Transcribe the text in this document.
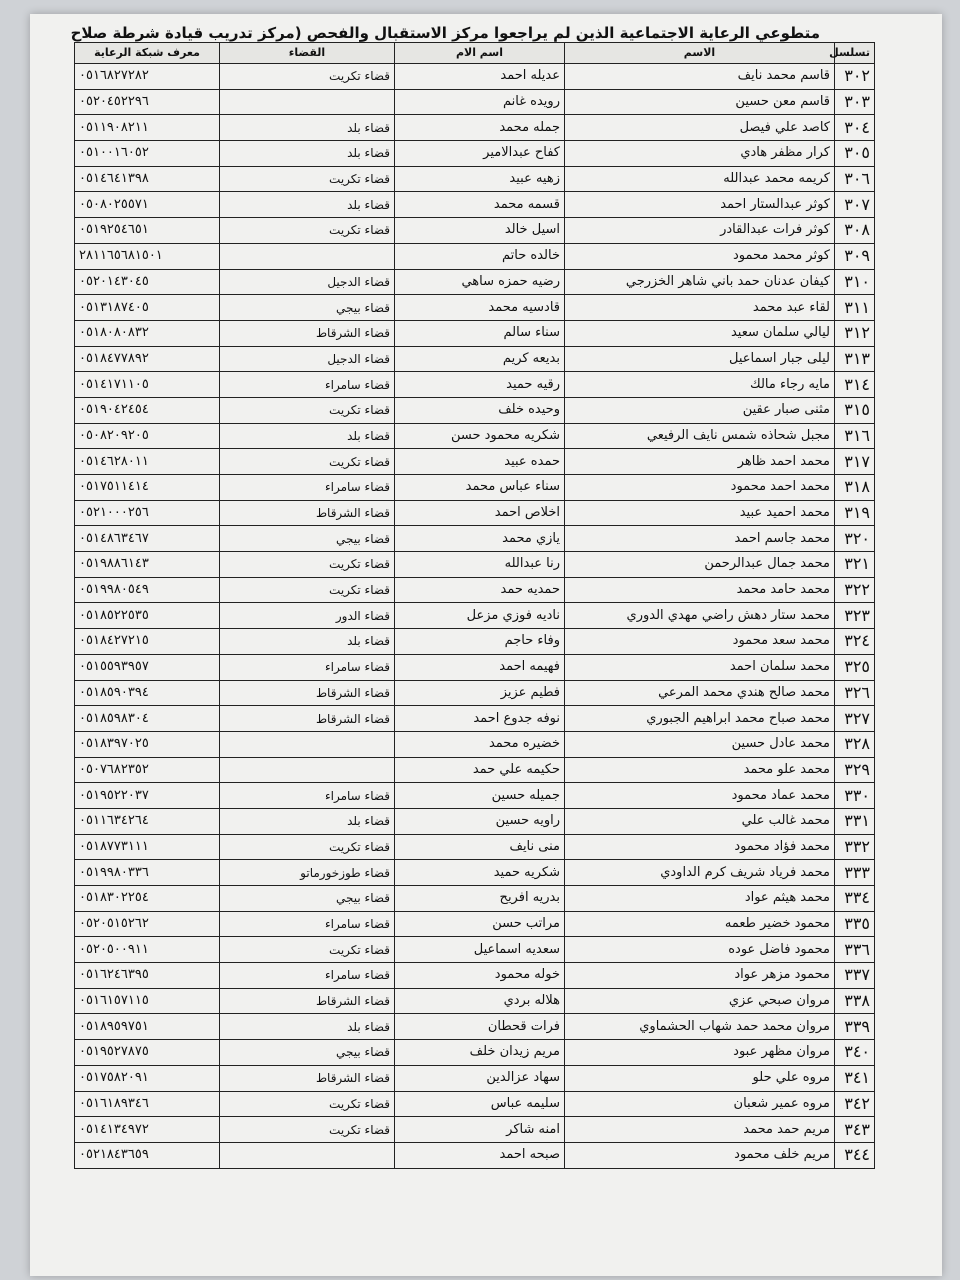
متطوعي الرعاية الاجتماعية الذين لم يراجعوا مركز الاستقبال والفحص (مركز تدريب قيادة شرطة صلاح
تسلسل	الاسم	اسم الام	القضاء	معرف شبكة الرعاية
٣٠٢	قاسم محمد نايف	عديله احمد	قضاء تكريت	٠٥١٦٨٢٧٢٨٢
٣٠٣	قاسم معن حسين	رويده غانم		٠٥٢٠٤٥٢٢٩٦
٣٠٤	كاصد علي فيصل	جمله محمد	قضاء بلد	٠٥١١٩٠٨٢١١
٣٠٥	كرار مظفر هادي	كفاح عبدالامير	قضاء بلد	٠٥١٠٠١٦٠٥٢
٣٠٦	كريمه محمد عبدالله	زهيه عبيد	قضاء تكريت	٠٥١٤٦٤١٣٩٨
٣٠٧	كوثر عبدالستار احمد	قسمه محمد	قضاء بلد	٠٥٠٨٠٢٥٥٧١
٣٠٨	كوثر فرات عبدالقادر	اسيل خالد	قضاء تكريت	٠٥١٩٢٥٤٦٥١
٣٠٩	كوثر محمد محمود	خالده حاتم		٢٨١١٦٥٦٨١٥٠١
٣١٠	كيفان عدنان حمد باني شاهر الخزرجي	رضيه حمزه ساهي	قضاء الدجيل	٠٥٢٠١٤٣٠٤٥
٣١١	لقاء عبد محمد	قادسيه محمد	قضاء بيجي	٠٥١٣١٨٧٤٠٥
٣١٢	ليالي سلمان سعيد	سناء سالم	قضاء الشرقاط	٠٥١٨٠٨٠٨٣٢
٣١٣	ليلى جبار اسماعيل	بديعه كريم	قضاء الدجيل	٠٥١٨٤٧٧٨٩٢
٣١٤	مايه رجاء مالك	رقيه حميد	قضاء سامراء	٠٥١٤١٧١١٠٥
٣١٥	مثنى صبار عقين	وحيده خلف	قضاء تكريت	٠٥١٩٠٤٢٤٥٤
٣١٦	مجبل شحاذه شمس نايف الرفيعي	شكريه محمود حسن	قضاء بلد	٠٥٠٨٢٠٩٢٠٥
٣١٧	محمد احمد ظاهر	حمده عبيد	قضاء تكريت	٠٥١٤٦٢٨٠١١
٣١٨	محمد احمد محمود	سناء عباس محمد	قضاء سامراء	٠٥١٧٥١١٤١٤
٣١٩	محمد احميد عبيد	اخلاص احمد	قضاء الشرقاط	٠٥٢١٠٠٠٢٥٦
٣٢٠	محمد جاسم احمد	يازي محمد	قضاء بيجي	٠٥١٤٨٦٣٤٦٧
٣٢١	محمد جمال عبدالرحمن	رنا عبدالله	قضاء تكريت	٠٥١٩٨٨٦١٤٣
٣٢٢	محمد حامد محمد	حمديه حمد	قضاء تكريت	٠٥١٩٩٨٠٥٤٩
٣٢٣	محمد ستار دهش راضي مهدي الدوري	ناديه فوزي مزعل	قضاء الدور	٠٥١٨٥٢٢٥٣٥
٣٢٤	محمد سعد محمود	وفاء حاجم	قضاء بلد	٠٥١٨٤٢٧٢١٥
٣٢٥	محمد سلمان احمد	فهيمه احمد	قضاء سامراء	٠٥١٥٥٩٣٩٥٧
٣٢٦	محمد صالح هندي محمد المرعي	فطيم عزيز	قضاء الشرقاط	٠٥١٨٥٩٠٣٩٤
٣٢٧	محمد صباح محمد ابراهيم الجبوري	نوفه جدوع احمد	قضاء الشرقاط	٠٥١٨٥٩٨٣٠٤
٣٢٨	محمد عادل حسين	خضيره محمد		٠٥١٨٣٩٧٠٢٥
٣٢٩	محمد علو محمد	حكيمه علي حمد		٠٥٠٧٦٨٢٣٥٢
٣٣٠	محمد عماد محمود	جميله حسين	قضاء سامراء	٠٥١٩٥٢٢٠٣٧
٣٣١	محمد غالب علي	راويه حسين	قضاء بلد	٠٥١١٦٣٤٢٦٤
٣٣٢	محمد فؤاد محمود	منى نايف	قضاء تكريت	٠٥١٨٧٧٣١١١
٣٣٣	محمد فرياد شريف كرم الداودي	شكريه حميد	قضاء طوزخورماتو	٠٥١٩٩٨٠٣٣٦
٣٣٤	محمد هيثم عواد	بدريه افريح	قضاء بيجي	٠٥١٨٣٠٢٢٥٤
٣٣٥	محمود خضير طعمه	مراتب حسن	قضاء سامراء	٠٥٢٠٥١٥٢٦٢
٣٣٦	محمود فاضل عوده	سعديه اسماعيل	قضاء تكريت	٠٥٢٠٥٠٠٩١١
٣٣٧	محمود مزهر عواد	خوله محمود	قضاء سامراء	٠٥١٦٢٤٦٣٩٥
٣٣٨	مروان صبحي عزي	هلاله بردي	قضاء الشرقاط	٠٥١٦١٥٧١١٥
٣٣٩	مروان محمد حمد شهاب الحشماوي	فرات قحطان	قضاء بلد	٠٥١٨٩٥٩٧٥١
٣٤٠	مروان مظهر عبود	مريم زيدان خلف	قضاء بيجي	٠٥١٩٥٢٧٨٧٥
٣٤١	مروه علي حلو	سهاد عزالدين	قضاء الشرقاط	٠٥١٧٥٨٢٠٩١
٣٤٢	مروه عمير شعبان	سليمه عباس	قضاء تكريت	٠٥١٦١٨٩٣٤٦
٣٤٣	مريم حمد محمد	امنه شاكر	قضاء تكريت	٠٥١٤١٣٤٩٧٢
٣٤٤	مريم خلف محمود	صبحه احمد		٠٥٢١٨٤٣٦٥٩
